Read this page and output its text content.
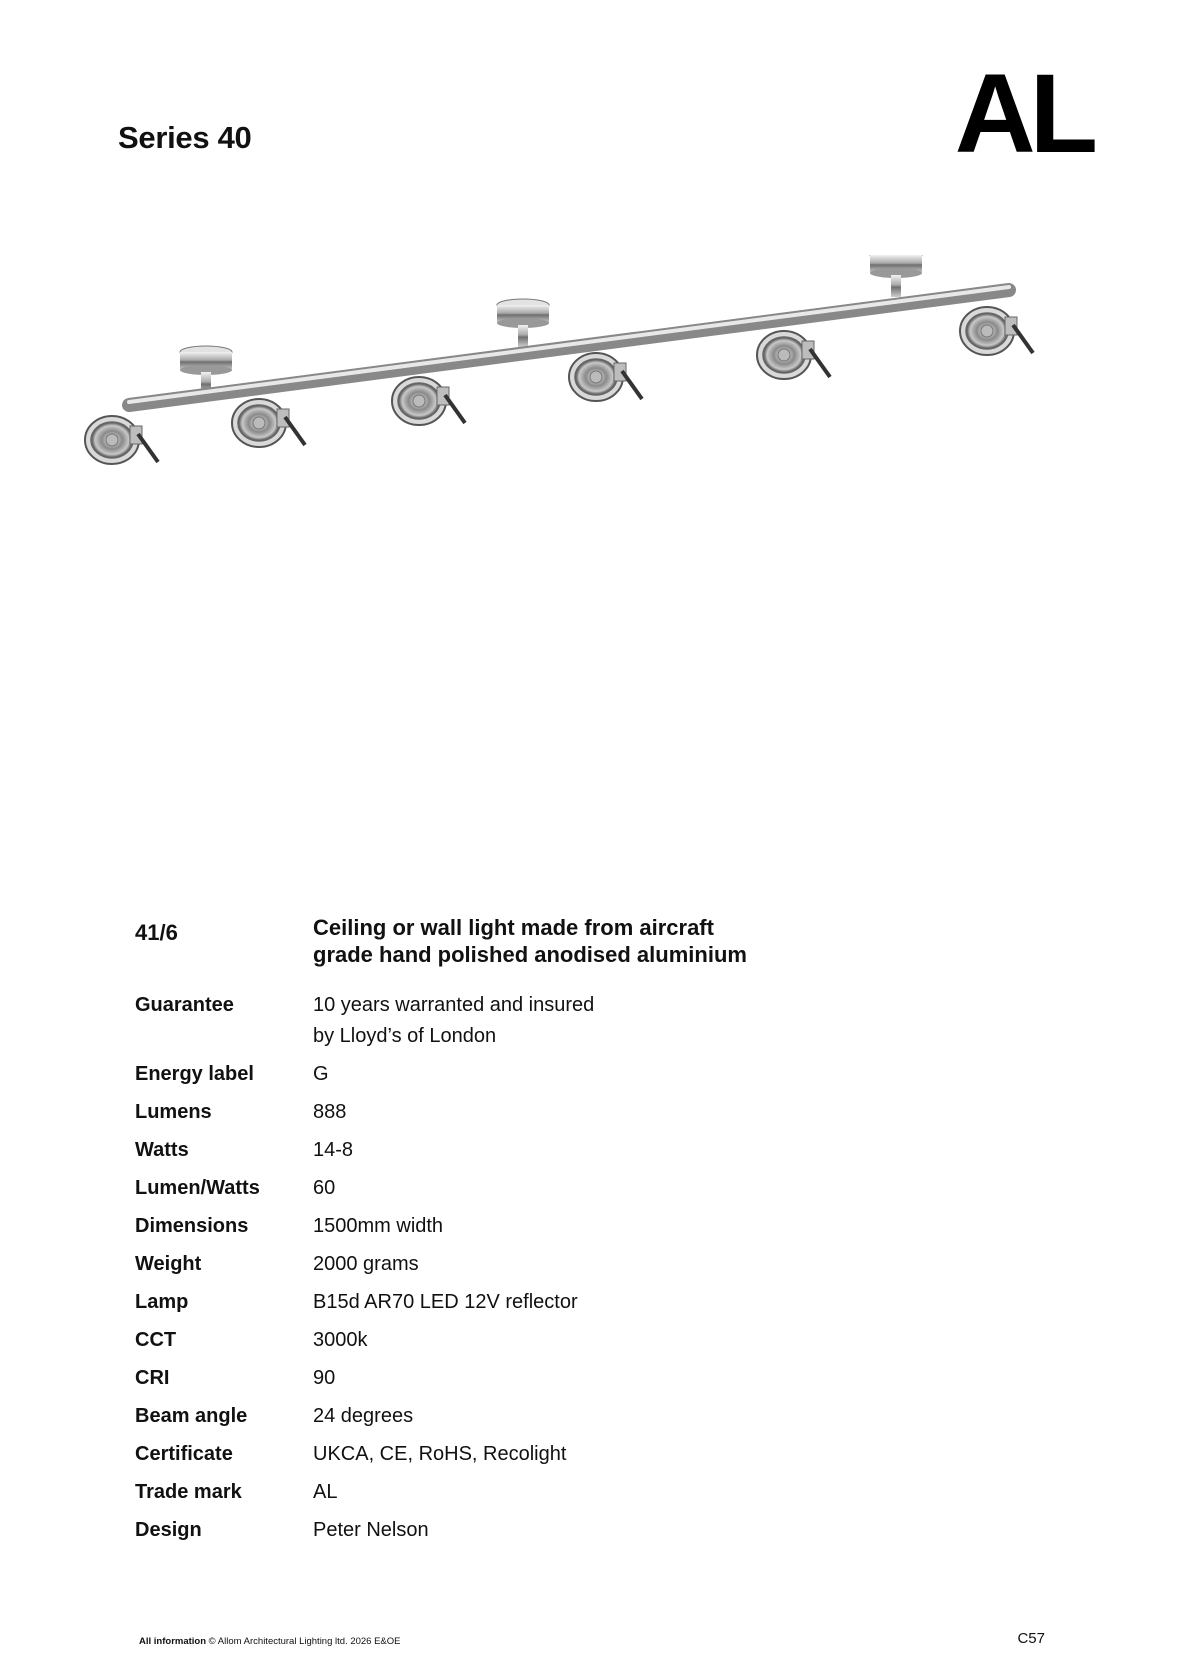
Series 40	AL
41/6	Ceiling or wall light made from aircraft
grade hand polished anodised aluminium
Guarantee	10 years warranted and insured
by Lloyd’s of London
Energy label	G
Lumens	888
Watts	14-8
Lumen/Watts	60
Dimensions	1500mm width
Weight	2000 grams
Lamp	B15d AR70 LED 12V reflector
CCT	3000k
CRI	90
Beam angle	24 degrees
Certificate	UKCA, CE, RoHS, Recolight
Trade mark	AL
Design	Peter Nelson
All information © Allom Architectural Lighting ltd. 2026 E&OE	C57
